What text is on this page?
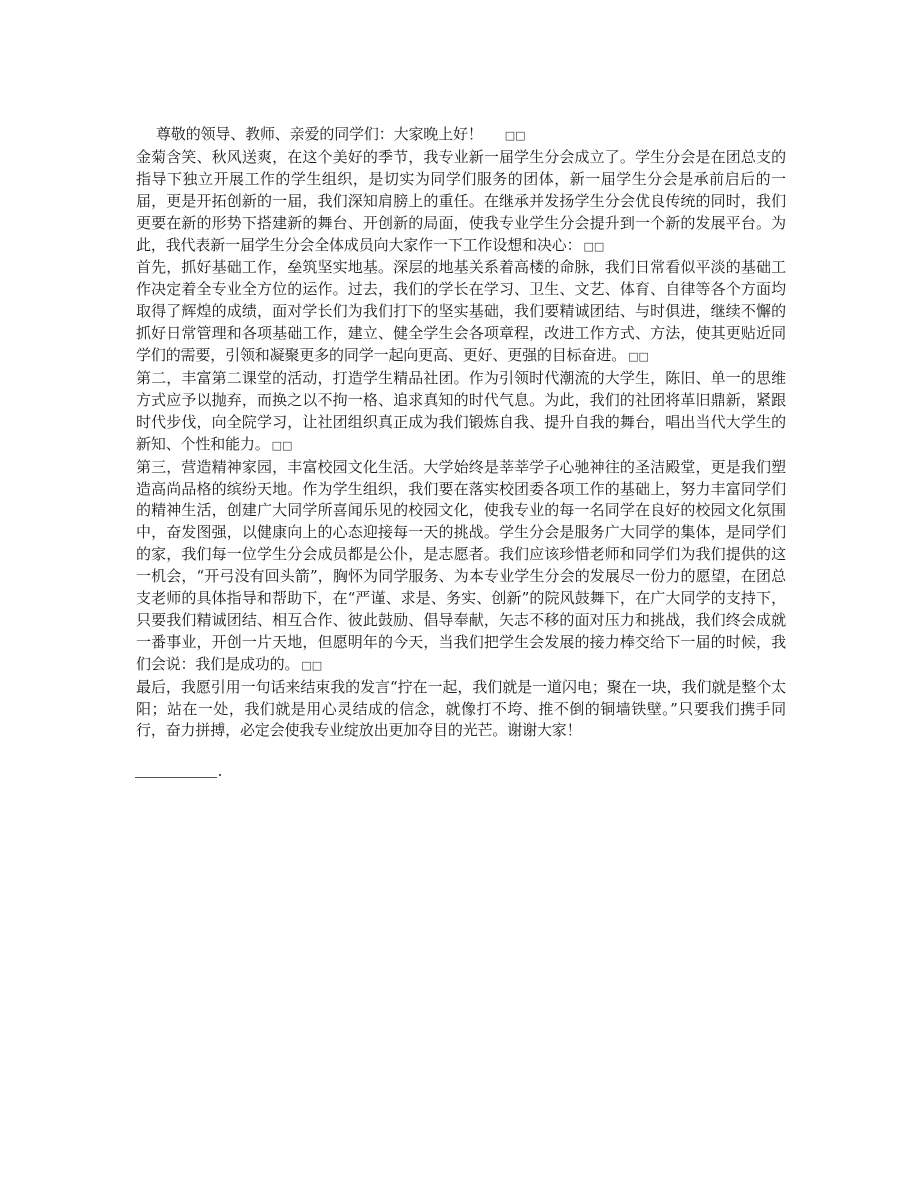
尊敬的领导、教师、亲爱的同学们：大家晚上好！□□

金菊含笑、秋风送爽，在这个美好的季节，我专业新一届学生分会成立了。学生分会是在团总支的指导下独立开展工作的学生组织，是切实为同学们服务的团体，新一届学生分会是承前启后的一届，更是开拓创新的一届，我们深知肩膀上的重任。在继承并发扬学生分会优良传统的同时，我们更要在新的形势下搭建新的舞台、开创新的局面，使我专业学生分会提升到一个新的发展平台。为此，我代表新一届学生分会全体成员向大家作一下工作设想和决心：□□

首先，抓好基础工作，垒筑坚实地基。深层的地基关系着高楼的命脉，我们日常看似平淡的基础工作决定着全专业全方位的运作。过去，我们的学长在学习、卫生、文艺、体育、自律等各个方面均取得了辉煌的成绩，面对学长们为我们打下的坚实基础，我们要精诚团结、与时俱进，继续不懈的抓好日常管理和各项基础工作，建立、健全学生会各项章程，改进工作方式、方法，使其更贴近同学们的需要，引领和凝聚更多的同学一起向更高、更好、更强的目标奋进。□□

第二，丰富第二课堂的活动，打造学生精品社团。作为引领时代潮流的大学生，陈旧、单一的思维方式应予以抛弃，而换之以不拘一格、追求真知的时代气息。为此，我们的社团将革旧鼎新，紧跟时代步伐，向全院学习，让社团组织真正成为我们锻炼自我、提升自我的舞台，唱出当代大学生的新知、个性和能力。□□

第三，营造精神家园，丰富校园文化生活。大学始终是莘莘学子心驰神往的圣洁殿堂，更是我们塑造高尚品格的缤纷天地。作为学生组织，我们要在落实校团委各项工作的基础上，努力丰富同学们的精神生活，创建广大同学所喜闻乐见的校园文化，使我专业的每一名同学在良好的校园文化氛围中，奋发图强，以健康向上的心态迎接每一天的挑战。学生分会是服务广大同学的集体，是同学们的家，我们每一位学生分会成员都是公仆，是志愿者。我们应该珍惜老师和同学们为我们提供的这一机会，“开弓没有回头箭”，胸怀为同学服务、为本专业学生分会的发展尽一份力的愿望，在团总支老师的具体指导和帮助下，在“严谨、求是、务实、创新”的院风鼓舞下，在广大同学的支持下，只要我们精诚团结、相互合作、彼此鼓励、倡导奉献，矢志不移的面对压力和挑战，我们终会成就一番事业，开创一片天地，但愿明年的今天，当我们把学生会发展的接力棒交给下一届的时候，我们会说：我们是成功的。□□

最后，我愿引用一句话来结束我的发言“拧在一起，我们就是一道闪电；聚在一块，我们就是整个太阳；站在一处，我们就是用心灵结成的信念，就像打不垮、推不倒的铜墙铁壁。”只要我们携手同行，奋力拼搏，必定会使我专业绽放出更加夺目的光芒。谢谢大家！
